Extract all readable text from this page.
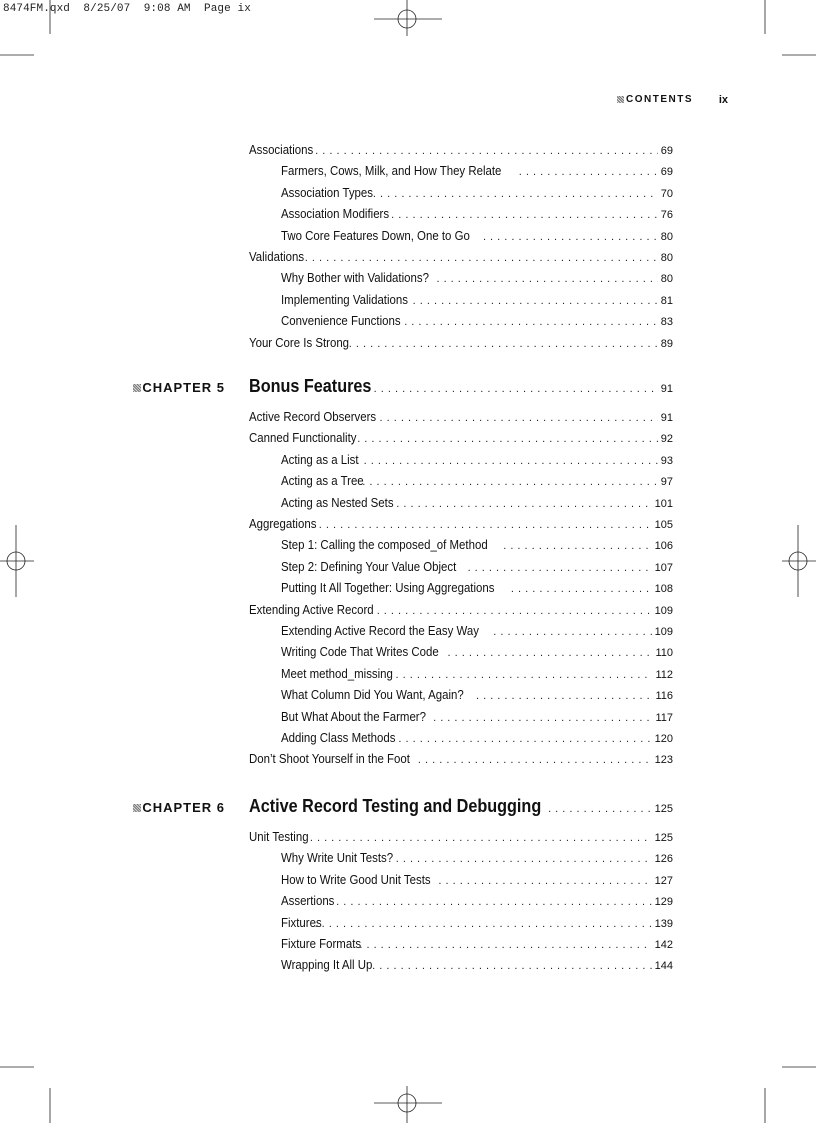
8474FM.qxd  8/25/07  9:08 AM  Page ix
CONTENTS ix
Associations . . .	69
Farmers, Cows, Milk, and How They Relate . . .	69
Association Types . . .	70
Association Modifiers . . .	76
Two Core Features Down, One to Go . . .	80
Validations . . .	80
Why Bother with Validations? . . .	80
Implementing Validations . . .	81
Convenience Functions . . .	83
Your Core Is Strong . . .	89
CHAPTER 5	Bonus Features . . .	91
Active Record Observers . . .	91
Canned Functionality . . .	92
Acting as a List . . .	93
Acting as a Tree . . .	97
Acting as Nested Sets . . .	101
Aggregations . . .	105
Step 1: Calling the composed_of Method . . .	106
Step 2: Defining Your Value Object . . .	107
Putting It All Together: Using Aggregations . . .	108
Extending Active Record . . .	109
Extending Active Record the Easy Way . . .	109
Writing Code That Writes Code . . .	110
Meet method_missing . . .	112
What Column Did You Want, Again? . . .	116
But What About the Farmer? . . .	117
Adding Class Methods . . .	120
Don’t Shoot Yourself in the Foot . . .	123
CHAPTER 6	Active Record Testing and Debugging . . .	125
Unit Testing . . .	125
Why Write Unit Tests? . . .	126
How to Write Good Unit Tests . . .	127
Assertions . . .	129
Fixtures . . .	139
Fixture Formats . . .	142
Wrapping It All Up . . .	144
